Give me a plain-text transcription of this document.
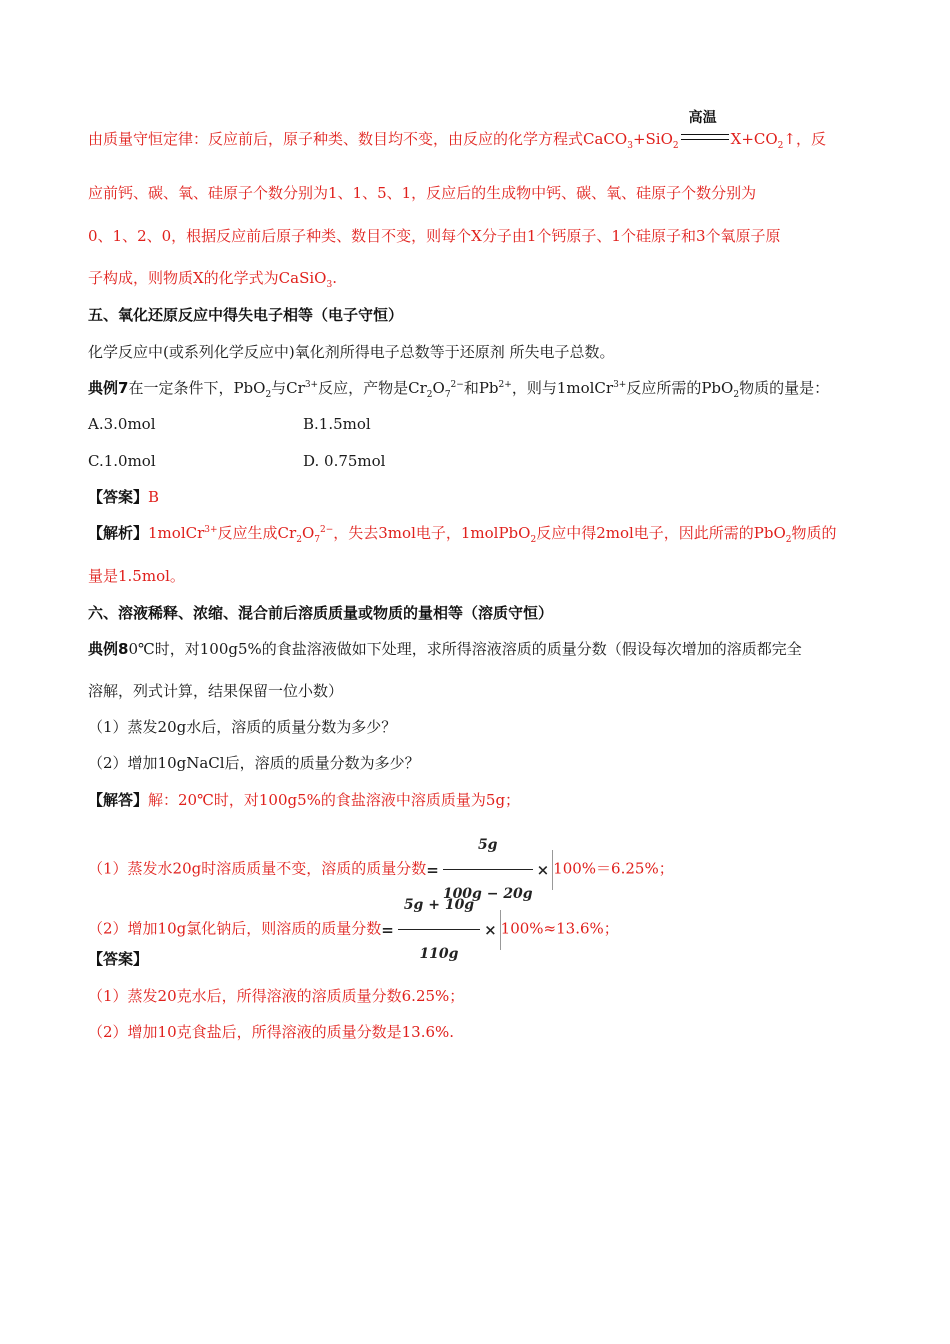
由质量守恒定律：反应前后，原子种类、数目均不变，由反应的化学方程式CaCO$_3$+SiO$_2$
高温
$X+CO_2↑$，反
应前钙、碳、氧、硅原子个数分别为1、1、5、1，反应后的生成物中钙、碳、氧、硅原子个数分别为
0、1、2、0，根据反应前后原子种类、数目不变，则每个X分子由1个钙原子、1个硅原子和3个氧原子原
子构成，则物质X的化学式为CaSiO$_3$.
五、氧化还原反应中得失电子相等（电子守恒）
化学反应中(或系列化学反应中)氧化剂所得电子总数等于还原剂 所失电子总数。
典例7在一定条件下，PbO$_2$与$Cr^{3+}$反应，产物是$Cr_2O_7^{2-}$和$Pb^{2+}$，则与1molCr$^{3+}$反应所需的PbO$_2$物质的量是：
A.3.0mol	B.1.5mol
C.1.0mol	D. 0.75mol
【答案】B
【解析】1molCr$^{3+}$反应生成$Cr_2O_7^{2-}$，失去3mol电子，1molPbO$_2$反应中得2mol电子，因此所需的PbO$_2$物质的
量是1.5mol。
六、溶液稀释、浓缩、混合前后溶质质量或物质的量相等（溶质守恒）
典例80℃时，对100g5%的食盐溶液做如下处理，求所得溶液溶质的质量分数（假设每次增加的溶质都完全
溶解，列式计算，结果保留一位小数）
（1）蒸发20g水后，溶质的质量分数为多少？
（2）增加10gNaCl后，溶质的质量分数为多少？
【解答】解：20℃时，对100g5%的食盐溶液中溶质质量为5g；
（1）蒸发水20g时溶质质量不变，溶质的质量分数= $\frac{5g}{100g - 20g} \times 100\%=6.25\%$；
（2）增加10g氯化钠后，则溶质的质量分数= $\frac{5g + 10g}{110g} \times 100\%\approx 13.6\%$；
【答案】
（1）蒸发20克水后，所得溶液的溶质质量分数6.25%；
（2）增加10克食盐后，所得溶液的质量分数是13.6%.
